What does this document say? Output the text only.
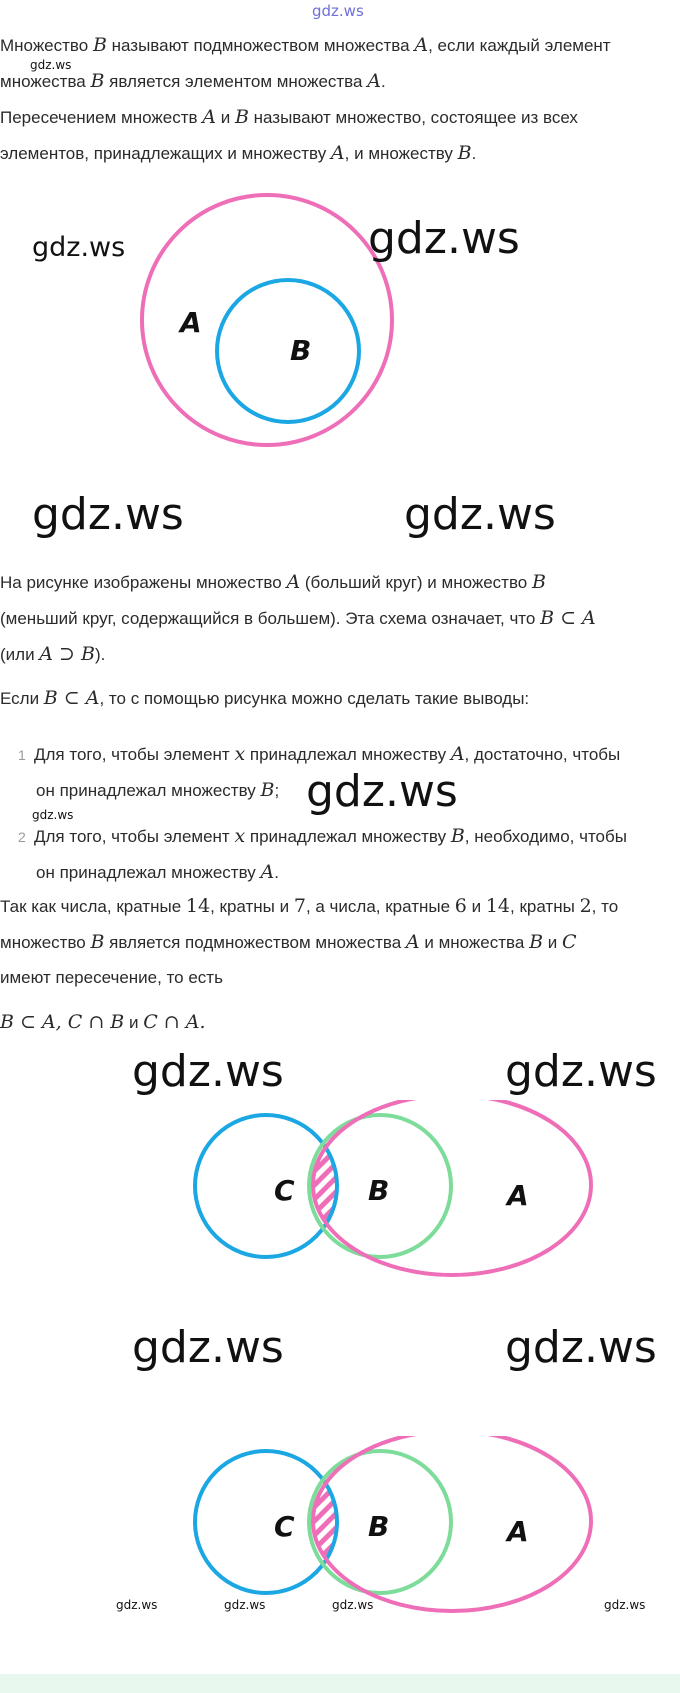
gdz.ws
Множество B называют подмножеством множества A, если каждый элемент
множества B является элементом множества A.
Пересечением множеств A и B называют множество, состоящее из всех
элементов, принадлежащих и множеству A, и множеству B.
gdz.ws
A
B
gdz.ws	gdz.ws
gdz.ws	gdz.ws
На рисунке изображены множество A (больший круг) и множество B
(меньший круг, содержащийся в большем). Эта схема означает, что B ⊂ A
(или A ⊃ B).
Если B ⊂ A, то с помощью рисунка можно сделать такие выводы:
1 Для того, чтобы элемент x принадлежал множеству A, достаточно, чтобы
он принадлежал множеству B;
gdz.ws	gdz.ws
2 Для того, чтобы элемент x принадлежал множеству B, необходимо, чтобы
он принадлежал множеству A.
Так как числа, кратные 14, кратны и 7, а числа, кратные 6 и 14, кратны 2, то
множество B является подмножеством множества A и множества B и C
имеют пересечение, то есть
B ⊂ A, C ∩ B и C ∩ A.
gdz.ws	gdz.ws
C	B	A
gdz.ws	gdz.ws
C	B	A
gdz.ws	gdz.ws	gdz.ws	gdz.ws
